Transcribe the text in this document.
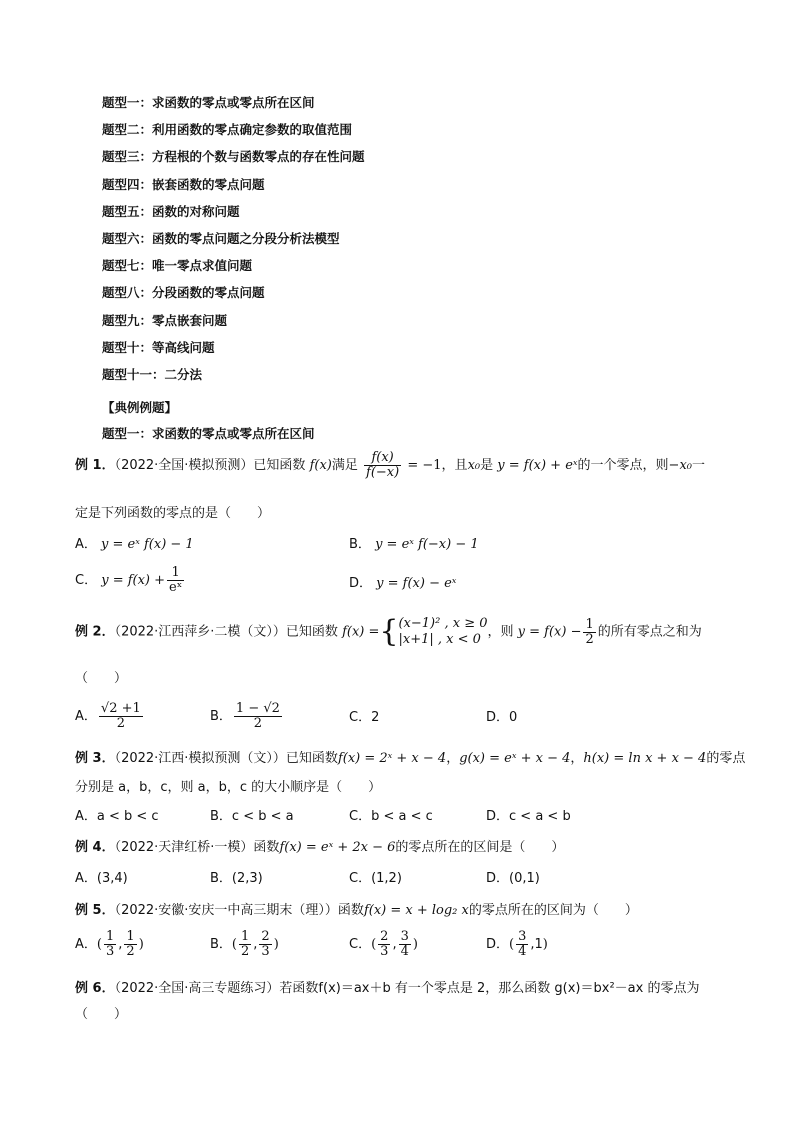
题型一：求函数的零点或零点所在区间
题型二：利用函数的零点确定参数的取值范围
题型三：方程根的个数与函数零点的存在性问题
题型四：嵌套函数的零点问题
题型五：函数的对称问题
题型六：函数的零点问题之分段分析法模型
题型七：唯一零点求值问题
题型八：分段函数的零点问题
题型九：零点嵌套问题
题型十：等高线问题
题型十一：二分法
【典例例题】
题型一：求函数的零点或零点所在区间
例 1．（2022·全国·模拟预测）已知函数 f(x)满足 $\frac{f(x)}{f(-x)} = -1$，且x₀是 y = f(x) + eˣ的一个零点，则−x₀一
定是下列函数的零点的是（　　）
A． y = eˣ f(x) − 1	B． y = eˣ f(−x) − 1
C． $y = f(x) + \frac{1}{\text{eˣ}}$	D． y = f(x) − eˣ
例 2．（2022·江西萍乡·二模（文））已知函数 f(x) ={ (x−1)² , x ≥ 0
|x+1| , x < 0 ，则 $y = f(x) - \frac{1}{2}$ 的所有零点之和为
（　　）
A． $\frac{√2 +1}{2}$	B． $\frac{1 - √2}{2}$	C．2	D．0
例 3．（2022·江西·模拟预测（文））已知函数f(x) = 2ˣ + x − 4，g(x) = eˣ + x − 4，h(x) = ln x + x − 4的零点
分别是 a，b，c，则 a，b，c 的大小顺序是（　　）
A．a < b < c	B．c < b < a	C．b < a < c	D．c < a < b
例 4．（2022·天津红桥·一模）函数f(x) = eˣ + 2x − 6的零点所在的区间是（　　）
A．(3,4)	B．(2,3)	C．(1,2)	D．(0,1)
例 5．（2022·安徽·安庆一中高三期末（理））函数f(x) = x + log₂ x的零点所在的区间为（　　）
A．( $\frac{1}{3}$ , $\frac{1}{2}$ )	B．( $\frac{1}{2}$ , $\frac{2}{3}$ )	C．( $\frac{2}{3}$ , $\frac{3}{4}$ )	D．( $\frac{3}{4} ,1$)
例 6．（2022·全国·高三专题练习）若函数f(x)＝ax＋b 有一个零点是 2，那么函数 g(x)＝bx²－ax 的零点为
（　　）
